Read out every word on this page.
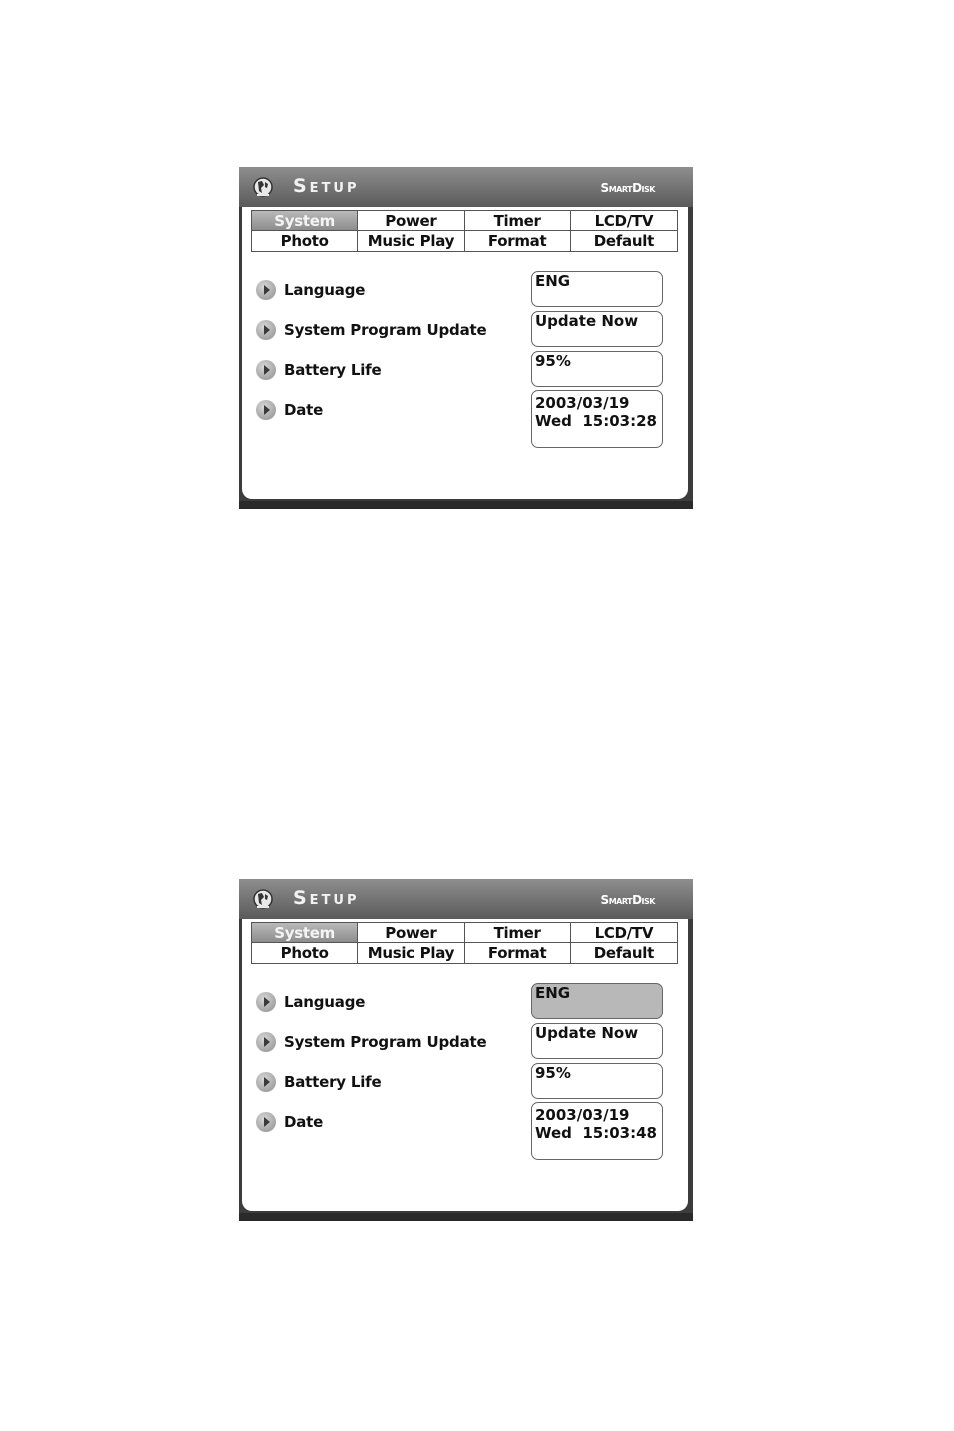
Setup	SmartDisk
System	Power	Timer	LCD/TV
Photo	Music Play	Format	Default
Language	ENG
System Program Update	Update Now
Battery Life	95%
Date	2003/03/19
Wed  15:03:28
Setup	SmartDisk
System	Power	Timer	LCD/TV
Photo	Music Play	Format	Default
Language	ENG
System Program Update	Update Now
Battery Life	95%
Date	2003/03/19
Wed  15:03:48
